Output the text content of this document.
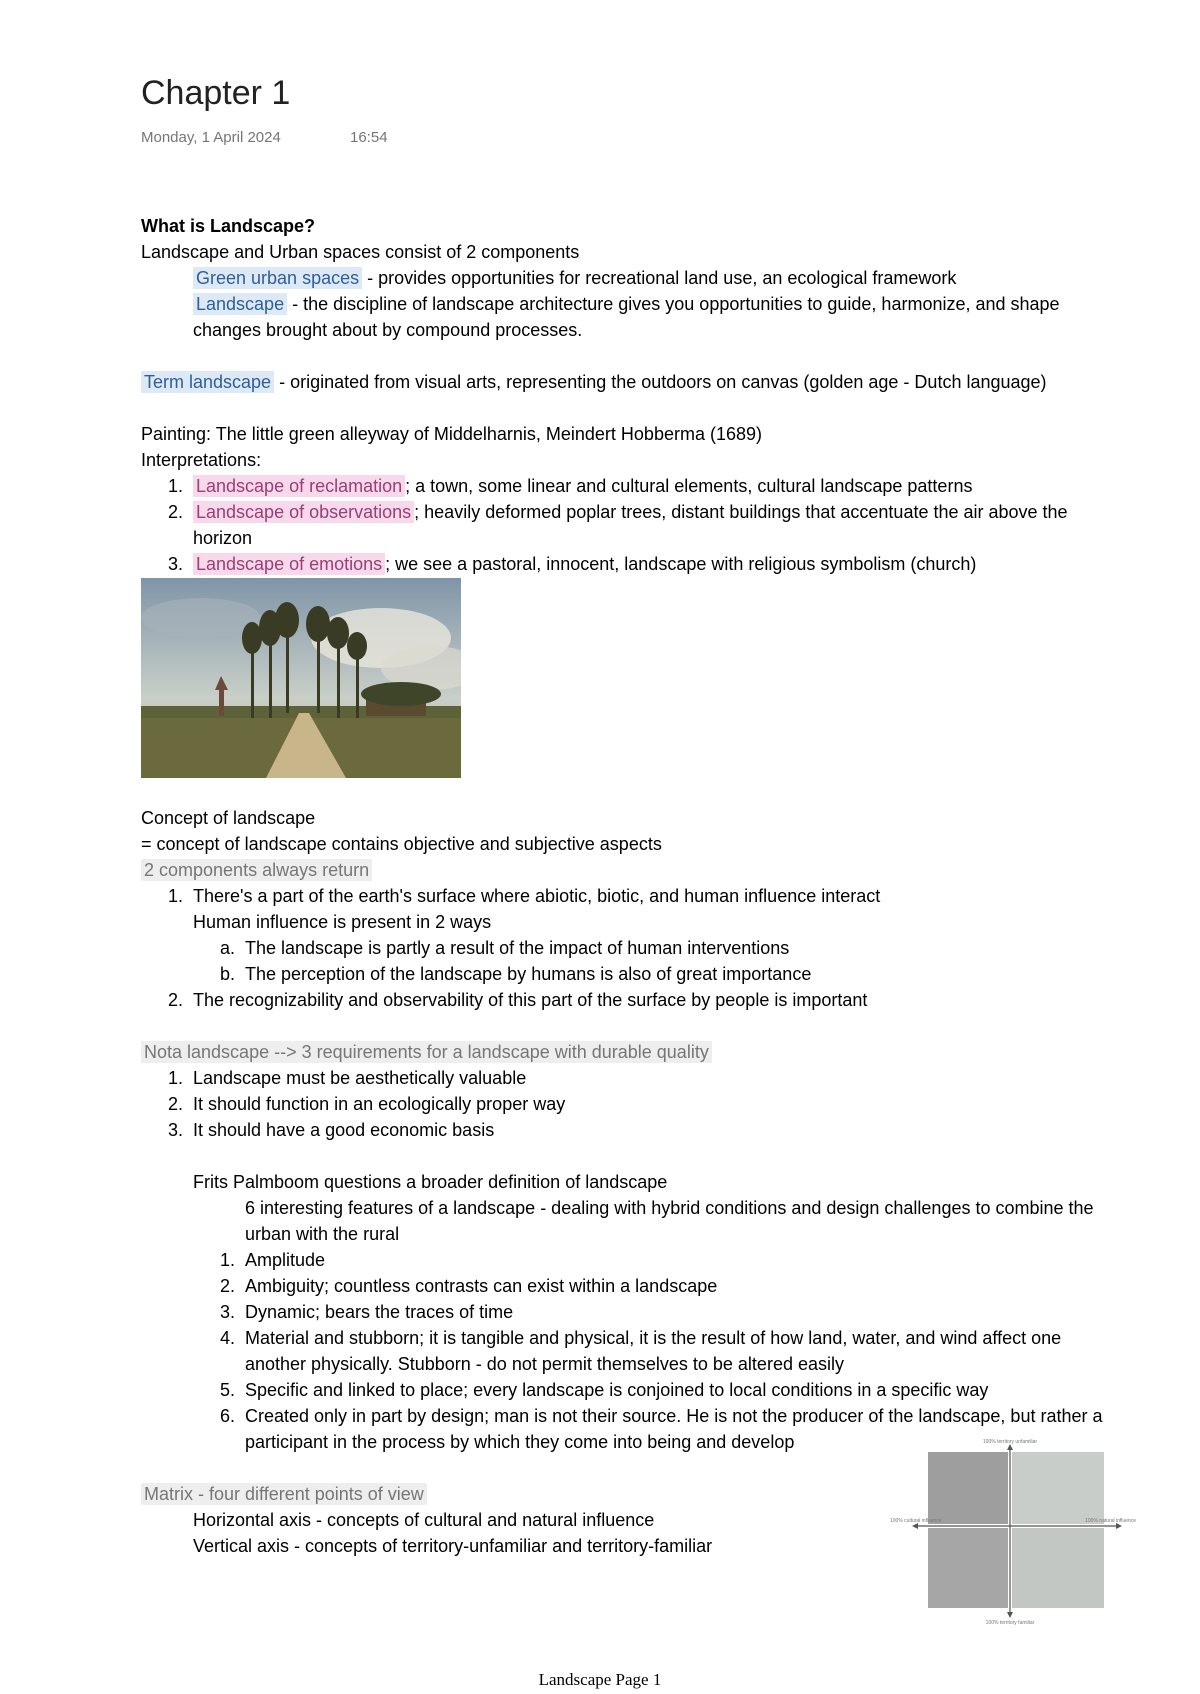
Chapter 1
Monday, 1 April 2024	16:54
What is Landscape?
Landscape and Urban spaces consist of 2 components
Green urban spaces - provides opportunities for recreational land use, an ecological framework
Landscape - the discipline of landscape architecture gives you opportunities to guide, harmonize, and shape
changes brought about by compound processes.
Term landscape - originated from visual arts, representing the outdoors on canvas (golden age - Dutch language)
Painting: The little green alleyway of Middelharnis, Meindert Hobberma (1689)
Interpretations:
1. Landscape of reclamation ; a town, some linear and cultural elements, cultural landscape patterns
2. Landscape of observations ; heavily deformed poplar trees, distant buildings that accentuate the air above the
horizon
3. Landscape of emotions ; we see a pastoral, innocent, landscape with religious symbolism (church)
Concept of landscape
= concept of landscape contains objective and subjective aspects
2 components always return
1. There's a part of the earth's surface where abiotic, biotic, and human influence interact
Human influence is present in 2 ways
a. The landscape is partly a result of the impact of human interventions
b. The perception of the landscape by humans is also of great importance
2. The recognizability and observability of this part of the surface by people is important
Nota landscape --> 3 requirements for a landscape with durable quality
1. Landscape must be aesthetically valuable
2. It should function in an ecologically proper way
3. It should have a good economic basis
Frits Palmboom questions a broader definition of landscape
6 interesting features of a landscape - dealing with hybrid conditions and design challenges to combine the
urban with the rural
1. Amplitude
2. Ambiguity; countless contrasts can exist within a landscape
3. Dynamic; bears the traces of time
4. Material and stubborn; it is tangible and physical, it is the result of how land, water, and wind affect one
another physically. Stubborn - do not permit themselves to be altered easily
5. Specific and linked to place; every landscape is conjoined to local conditions in a specific way
6. Created only in part by design; man is not their source. He is not the producer of the landscape, but rather a
participant in the process by which they come into being and develop
Matrix - four different points of view
Horizontal axis - concepts of cultural and natural influence
Vertical axis - concepts of territory-unfamiliar and territory-familiar
100% territory unfamiliar
100% cultural influence	100% natural influence
100% territory familiar
Landscape Page 1
